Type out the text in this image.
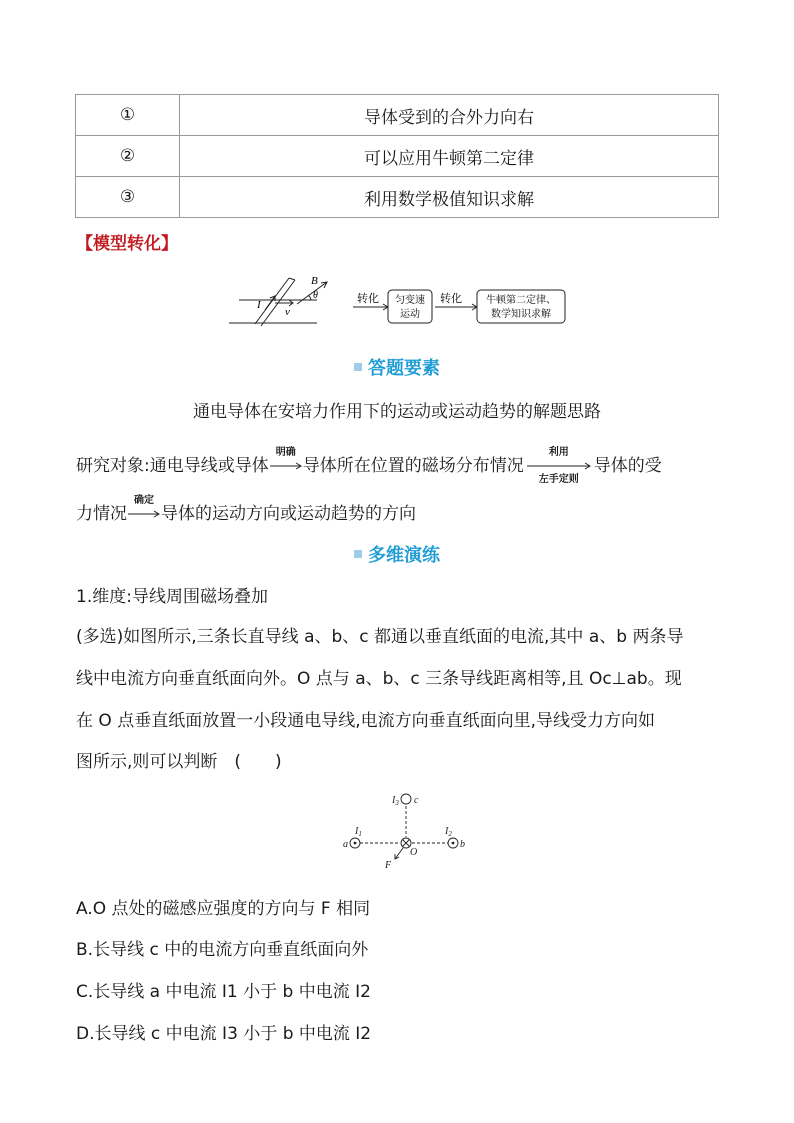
①	导体受到的合外力向右
②	可以应用牛顿第二定律
③	利用数学极值知识求解
【模型转化】
B
I
v
θ	转化 匀变速
运动
转化 牛顿第二定律、
数学知识求解
答题要素
通电导体在安培力作用下的运动或运动趋势的解题思路
研究对象:通电导线或导体
明确
导体所在位置的磁场分布情况
利用
左手定则
导体的受
力情况
确定
导体的运动方向或运动趋势的方向
多维演练
1.维度:导线周围磁场叠加
(多选)如图所示,三条长直导线 a、b、c 都通以垂直纸面的电流,其中 a、b 两条导
线中电流方向垂直纸面向外。O 点与 a、b、c 三条导线距离相等,且 Oc⊥ab。现
在 O 点垂直纸面放置一小段通电导线,电流方向垂直纸面向里,导线受力方向如
图所示,则可以判断　(　　)
$I_3$ c
$I_1$
a
$I_2$
b
F
O
A.O 点处的磁感应强度的方向与 F 相同
B.长导线 c 中的电流方向垂直纸面向外
C.长导线 a 中电流 I1 小于 b 中电流 I2
D.长导线 c 中电流 I3 小于 b 中电流 I2
